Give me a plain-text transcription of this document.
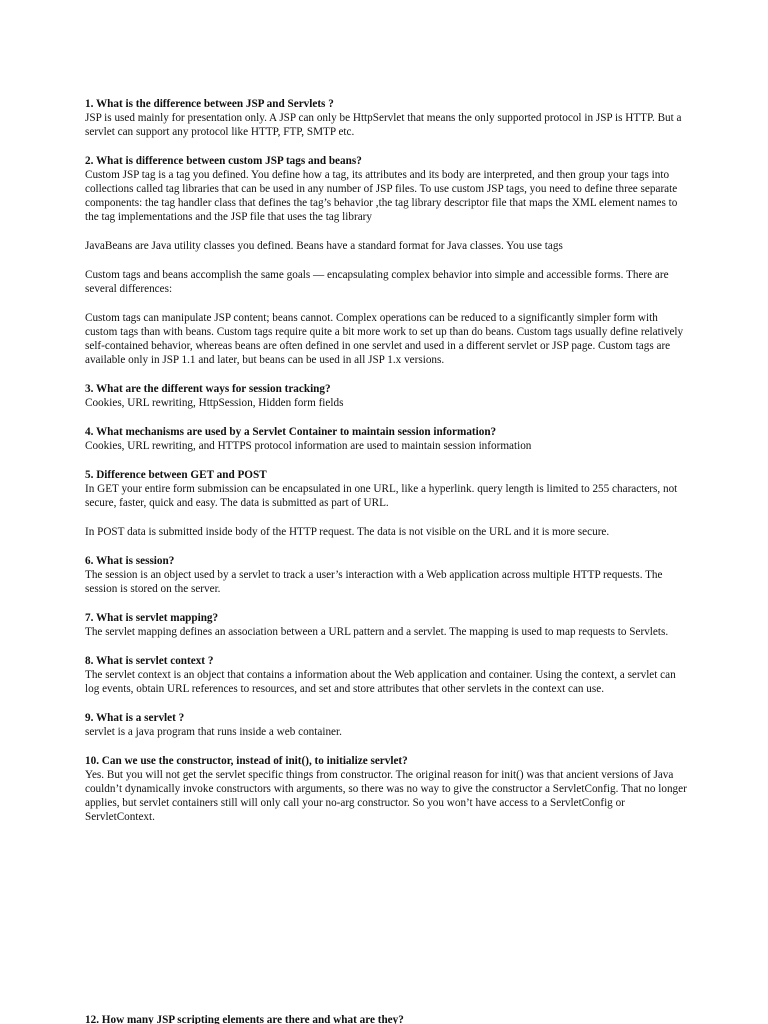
1. What is the difference between JSP and Servlets ?
JSP is used mainly for presentation only. A JSP can only be HttpServlet that means the only supported protocol in JSP is HTTP. But a servlet can support any protocol like HTTP, FTP, SMTP etc.
2. What is difference between custom JSP tags and beans?
Custom JSP tag is a tag you defined. You define how a tag, its attributes and its body are interpreted, and then group your tags into collections called tag libraries that can be used in any number of JSP files. To use custom JSP tags, you need to define three separate components: the tag handler class that defines the tag’s behavior ,the tag library descriptor file that maps the XML element names to the tag implementations and the JSP file that uses the tag library
JavaBeans are Java utility classes you defined. Beans have a standard format for Java classes. You use tags
Custom tags and beans accomplish the same goals — encapsulating complex behavior into simple and accessible forms. There are several differences:
Custom tags can manipulate JSP content; beans cannot. Complex operations can be reduced to a significantly simpler form with custom tags than with beans. Custom tags require quite a bit more work to set up than do beans. Custom tags usually define relatively self-contained behavior, whereas beans are often defined in one servlet and used in a different servlet or JSP page. Custom tags are available only in JSP 1.1 and later, but beans can be used in all JSP 1.x versions.
3. What are the different ways for session tracking?
Cookies, URL rewriting, HttpSession, Hidden form fields
4. What mechanisms are used by a Servlet Container to maintain session information?
Cookies, URL rewriting, and HTTPS protocol information are used to maintain session information
5. Difference between GET and POST
In GET your entire form submission can be encapsulated in one URL, like a hyperlink. query length is limited to 255 characters, not secure, faster, quick and easy. The data is submitted as part of URL.
In POST data is submitted inside body of the HTTP request. The data is not visible on the URL and it is more secure.
6. What is session?
The session is an object used by a servlet to track a user’s interaction with a Web application across multiple HTTP requests. The session is stored on the server.
7. What is servlet mapping?
The servlet mapping defines an association between a URL pattern and a servlet. The mapping is used to map requests to Servlets.
8. What is servlet context ?
The servlet context is an object that contains a information about the Web application and container. Using the context, a servlet can log events, obtain URL references to resources, and set and store attributes that other servlets in the context can use.
9. What is a servlet ?
servlet is a java program that runs inside a web container.
10. Can we use the constructor, instead of init(), to initialize servlet?
Yes. But you will not get the servlet specific things from constructor. The original reason for init() was that ancient versions of Java couldn’t dynamically invoke constructors with arguments, so there was no way to give the constructor a ServletConfig. That no longer applies, but servlet containers still will only call your no-arg constructor. So you won’t have access to a ServletConfig or ServletContext.
12. How many JSP scripting elements are there and what are they?
